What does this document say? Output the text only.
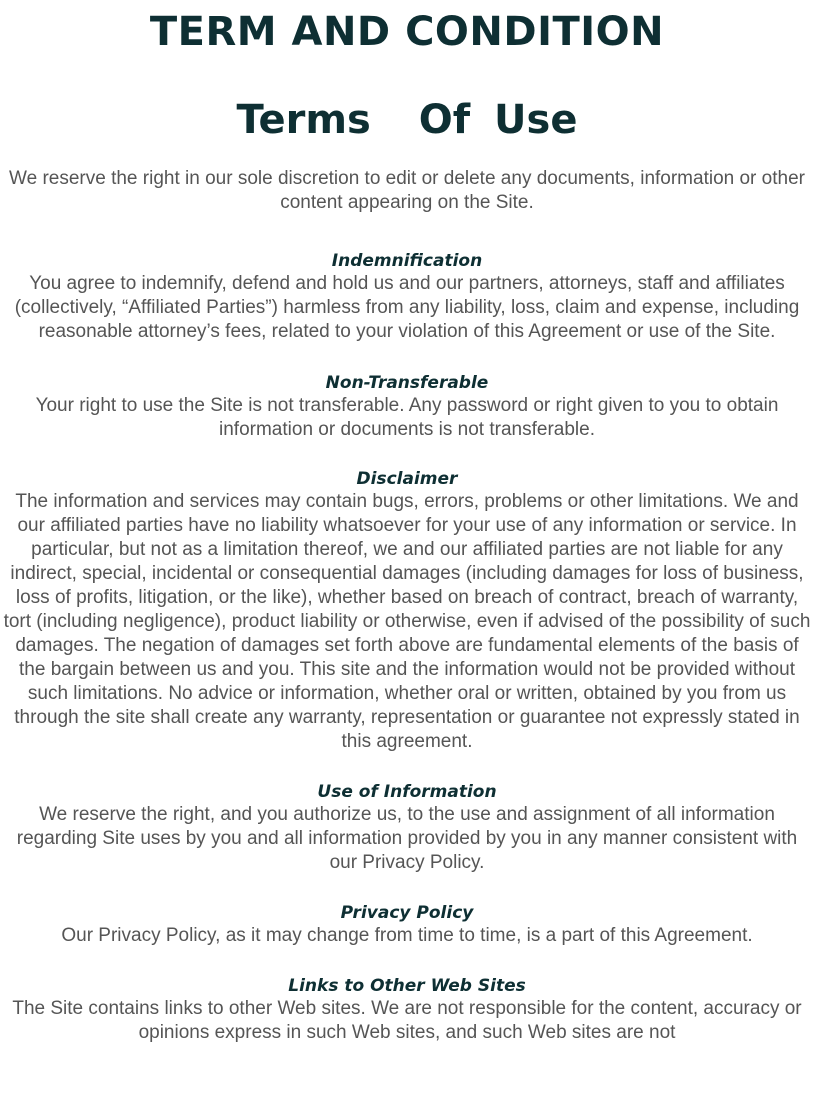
TERM AND CONDITION
Terms  Of Use

We reserve the right in our sole discretion to edit or delete any documents, information or other content appearing on the Site.

Indemnification

You agree to indemnify, defend and hold us and our partners, attorneys, staff and affiliates (collectively, “Affiliated Parties”) harmless from any liability, loss, claim and expense, including reasonable attorney’s fees, related to your violation of this Agreement or use of the Site.

Non-Transferable

Your right to use the Site is not transferable. Any password or right given to you to obtain information or documents is not transferable.

Disclaimer

The information and services may contain bugs, errors, problems or other limitations. We and our affiliated parties have no liability whatsoever for your use of any information or service. In particular, but not as a limitation thereof, we and our affiliated parties are not liable for any indirect, special, incidental or consequential damages (including damages for loss of business, loss of profits, litigation, or the like), whether based on breach of contract, breach of warranty, tort (including negligence), product liability or otherwise, even if advised of the possibility of such damages. The negation of damages set forth above are fundamental elements of the basis of the bargain between us and you. This site and the information would not be provided without such limitations. No advice or information, whether oral or written, obtained by you from us through the site shall create any warranty, representation or guarantee not expressly stated in this agreement.

Use of Information

We reserve the right, and you authorize us, to the use and assignment of all information regarding Site uses by you and all information provided by you in any manner consistent with our Privacy Policy.

Privacy Policy

Our Privacy Policy, as it may change from time to time, is a part of this Agreement.

Links to Other Web Sites

The Site contains links to other Web sites. We are not responsible for the content, accuracy or opinions express in such Web sites, and such Web sites are not
